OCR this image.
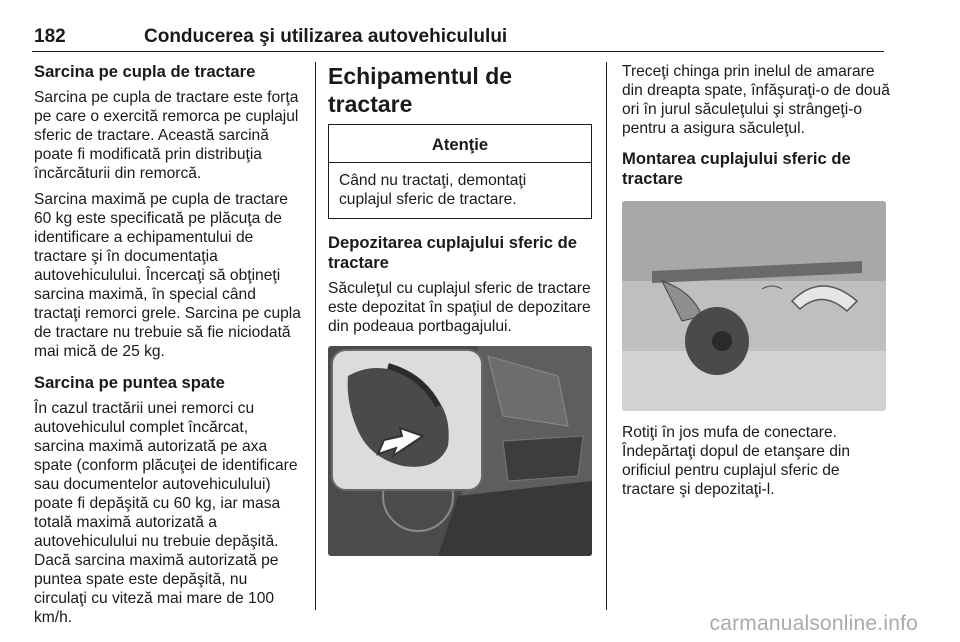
182	Conducerea şi utilizarea autovehiculului
Sarcina pe cupla de tractare

Sarcina pe cupla de tractare este forţa pe care o exercită remorca pe cuplajul sferic de tractare. Această sarcină poate fi modificată prin distribuţia încărcăturii din remorcă.

Sarcina maximă pe cupla de tractare 60 kg este specificată pe plăcuţa de identificare a echipamentului de tractare şi în documentaţia autovehiculului. Încercaţi să obţineţi sarcina maximă, în special când tractaţi remorci grele. Sarcina pe cupla de tractare nu trebuie să fie niciodată mai mică de 25 kg.

Sarcina pe puntea spate

În cazul tractării unei remorci cu autovehiculul complet încărcat, sarcina maximă autorizată pe axa spate (conform plăcuţei de identificare sau documentelor autovehiculului) poate fi depăşită cu 60 kg, iar masa totală maximă autorizată a autovehiculului nu trebuie depăşită. Dacă sarcina maximă autorizată pe puntea spate este depăşită, nu circulaţi cu viteză mai mare de 100 km/h.

Echipamentul de tractare
Atenţie
Când nu tractaţi, demontaţi cuplajul sferic de tractare.
Depozitarea cuplajului sferic de tractare

Săculeţul cu cuplajul sferic de tractare este depozitat în spaţiul de depozitare din podeaua portbagajului.

Treceţi chinga prin inelul de amarare din dreapta spate, înfăşuraţi-o de două ori în jurul săculeţului şi strângeţi-o pentru a asigura săculeţul.

Montarea cuplajului sferic de tractare

Rotiţi în jos mufa de conectare. Îndepărtaţi dopul de etanşare din orificiul pentru cuplajul sferic de tractare şi depozitaţi-l.

carmanualsonline.info
